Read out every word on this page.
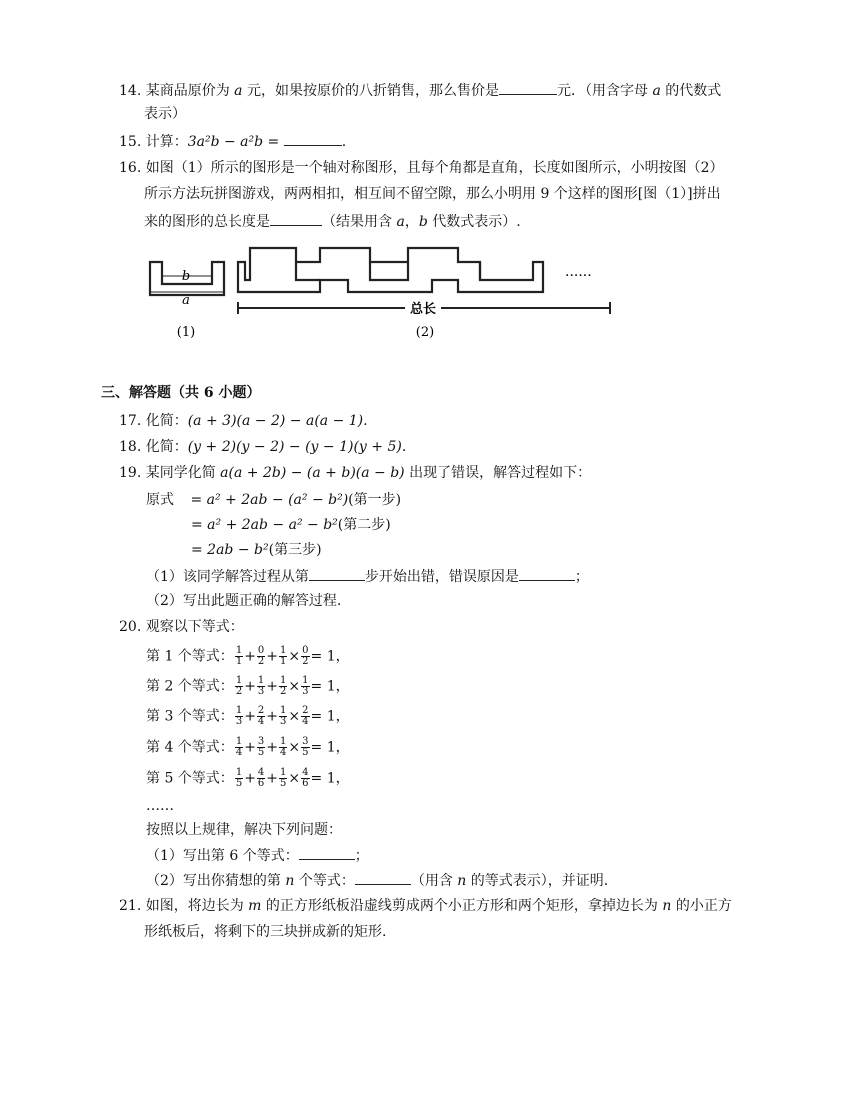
14. 某商品原价为 a 元，如果按原价的八折销售，那么售价是	元．（用含字母 a 的代数式
表示）
15. 计算：3a²b − a²b =	.
16. 如图（1）所示的图形是一个轴对称图形，且每个角都是直角，长度如图所示，小明按图（2）
所示方法玩拼图游戏，两两相扣，相互间不留空隙，那么小明用 9 个这样的图形[图（1）]拼出
来的图形的总长度是	（结果用含 a，b 代数式表示）.
b
a
······
总长
(1)	(2)
三、解答题（共 6 小题）
17. 化简：(a + 3)(a − 2) − a(a − 1).
18. 化简：(y + 2)(y − 2) − (y − 1)(y + 5).
19. 某同学化简 a(a + 2b) − (a + b)(a − b) 出现了错误，解答过程如下：
原式 = a² + 2ab − (a² − b²)(第一步)
= a² + 2ab − a² − b²(第二步)
= 2ab − b²(第三步)
（1）该同学解答过程从第	步开始出错，错误原因是	；
（2）写出此题正确的解答过程.
20. 观察以下等式：
第 1 个等式： $\frac{1}{1} + \frac{0}{2} + \frac{1}{1} \times \frac{0}{2} = 1$，
第 2 个等式： $\frac{1}{2} + \frac{1}{3} + \frac{1}{2} \times \frac{1}{3} = 1$，
第 3 个等式： $\frac{1}{3} + \frac{2}{4} + \frac{1}{3} \times \frac{2}{4} = 1$，
第 4 个等式： $\frac{1}{4} + \frac{3}{5} + \frac{1}{4} \times \frac{3}{5} = 1$，
第 5 个等式： $\frac{1}{5} + \frac{4}{6} + \frac{1}{5} \times \frac{4}{6} = 1$，
……
按照以上规律，解决下列问题：
（1）写出第 6 个等式：	；
（2）写出你猜想的第 n 个等式：	（用含 n 的等式表示），并证明.
21. 如图，将边长为 m 的正方形纸板沿虚线剪成两个小正方形和两个矩形，拿掉边长为 n 的小正方
形纸板后，将剩下的三块拼成新的矩形.
